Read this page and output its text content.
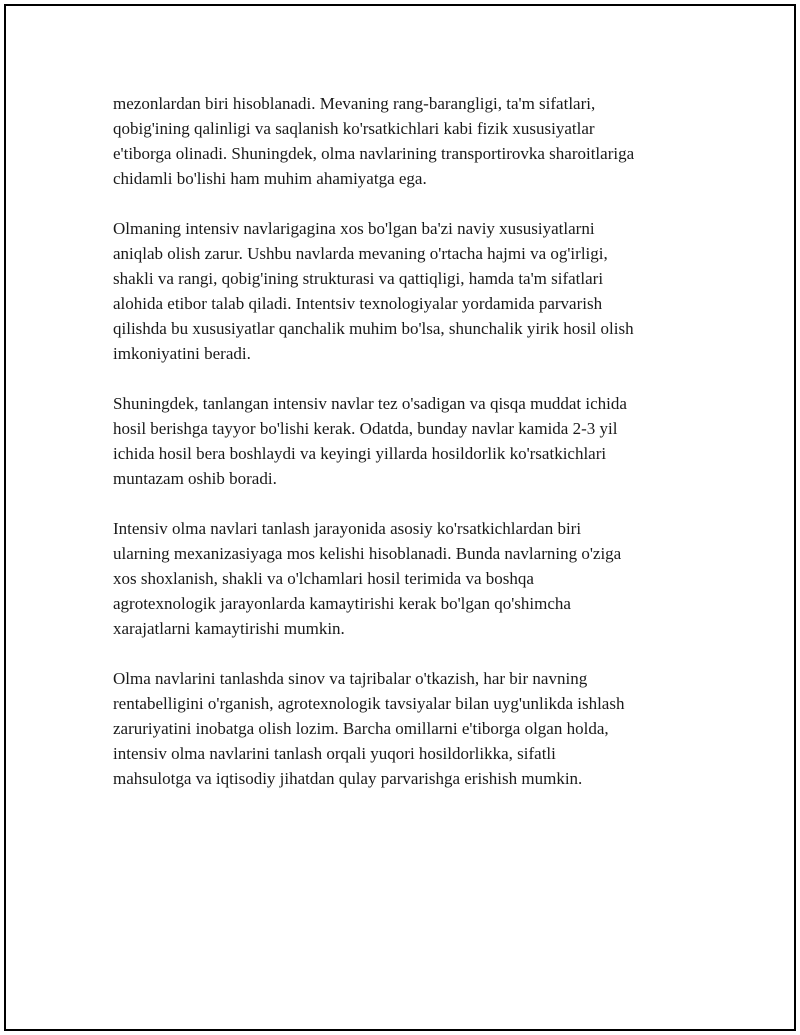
mezonlardan biri hisoblanadi. Mevaning rang-barangligi, ta'm sifatlari,
qobig'ining qalinligi va saqlanish ko'rsatkichlari kabi fizik xususiyatlar
e'tiborga olinadi. Shuningdek, olma navlarining transportirovka sharoitlariga
chidamli bo'lishi ham muhim ahamiyatga ega.

Olmaning intensiv navlarigagina xos bo'lgan ba'zi naviy xususiyatlarni
aniqlab olish zarur. Ushbu navlarda mevaning o'rtacha hajmi va og'irligi,
shakli va rangi, qobig'ining strukturasi va qattiqligi, hamda ta'm sifatlari
alohida etibor talab qiladi. Intentsiv texnologiyalar yordamida parvarish
qilishda bu xususiyatlar qanchalik muhim bo'lsa, shunchalik yirik hosil olish
imkoniyatini beradi.

Shuningdek, tanlangan intensiv navlar tez o'sadigan va qisqa muddat ichida
hosil berishga tayyor bo'lishi kerak. Odatda, bunday navlar kamida 2-3 yil
ichida hosil bera boshlaydi va keyingi yillarda hosildorlik ko'rsatkichlari
muntazam oshib boradi.

Intensiv olma navlari tanlash jarayonida asosiy ko'rsatkichlardan biri
ularning mexanizasiyaga mos kelishi hisoblanadi. Bunda navlarning o'ziga
xos shoxlanish, shakli va o'lchamlari hosil terimida va boshqa
agrotexnologik jarayonlarda kamaytirishi kerak bo'lgan qo'shimcha
xarajatlarni kamaytirishi mumkin.

Olma navlarini tanlashda sinov va tajribalar o'tkazish, har bir navning
rentabelligini o'rganish, agrotexnologik tavsiyalar bilan uyg'unlikda ishlash
zaruriyatini inobatga olish lozim. Barcha omillarni e'tiborga olgan holda,
intensiv olma navlarini tanlash orqali yuqori hosildorlikka, sifatli
mahsulotga va iqtisodiy jihatdan qulay parvarishga erishish mumkin.
